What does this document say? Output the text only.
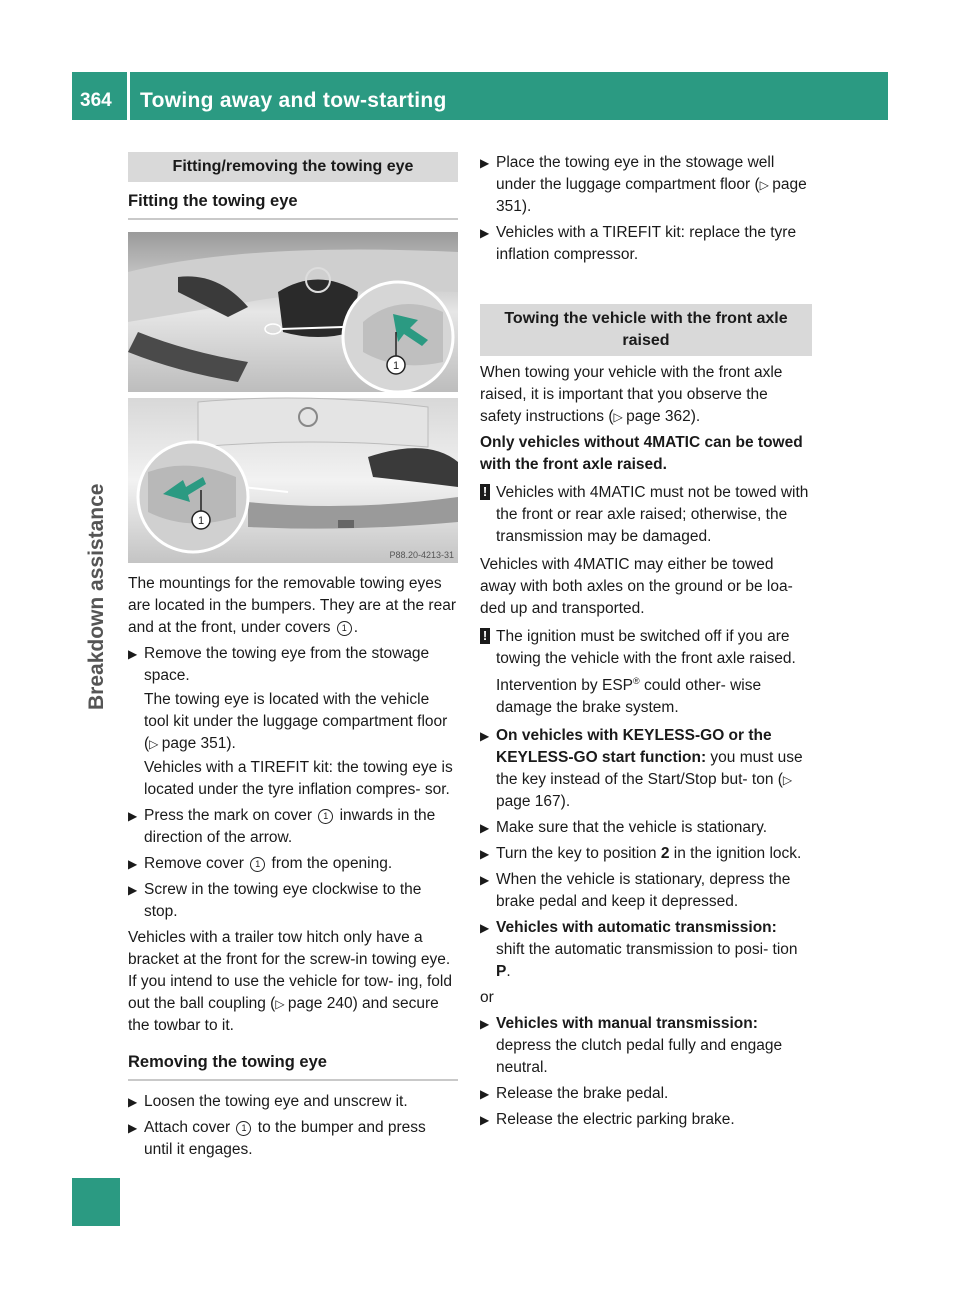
364 Towing away and tow-starting
Breakdown assistance
Fitting/removing the towing eye
Fitting the towing eye
1
1
P88.20-4213-31

The mountings for the removable towing eyes are located in the bumpers. They are at the rear and at the front, under covers 1 .

▶ Remove the towing eye from the stowage space.
The towing eye is located with the vehicle tool kit under the luggage compartment floor (▷ page 351).
Vehicles with a TIREFIT kit: the towing eye is located under the tyre inflation compres- sor.
▶ Press the mark on cover 1 inwards in the direction of the arrow.
▶ Remove cover 1 from the opening.
▶ Screw in the towing eye clockwise to the stop.

Vehicles with a trailer tow hitch only have a bracket at the front for the screw-in towing eye. If you intend to use the vehicle for tow- ing, fold out the ball coupling (▷ page 240) and secure the towbar to it.

Removing the towing eye
▶ Loosen the towing eye and unscrew it.
▶ Attach cover 1 to the bumper and press until it engages.
▶ Place the towing eye in the stowage well under the luggage compartment floor (▷ page 351).
▶ Vehicles with a TIREFIT kit: replace the tyre inflation compressor.
Towing the vehicle with the front axle raised

When towing your vehicle with the front axle raised, it is important that you observe the safety instructions (▷ page 362).

Only vehicles without 4MATIC can be towed with the front axle raised.

! Vehicles with 4MATIC must not be towed with the front or rear axle raised; otherwise, the transmission may be damaged.

Vehicles with 4MATIC may either be towed away with both axles on the ground or be loa- ded up and transported.

! The ignition must be switched off if you are towing the vehicle with the front axle raised. Intervention by ESP® could other- wise damage the brake system.
▶ On vehicles with KEYLESS-GO or the KEYLESS-GO start function: you must use the key instead of the Start/Stop but- ton (▷ page 167).
▶ Make sure that the vehicle is stationary.
▶ Turn the key to position 2 in the ignition lock.
▶ When the vehicle is stationary, depress the brake pedal and keep it depressed.
▶ Vehicles with automatic transmission:
shift the automatic transmission to posi- tion P.

or

▶ Vehicles with manual transmission:
depress the clutch pedal fully and engage neutral.
▶ Release the brake pedal.
▶ Release the electric parking brake.
